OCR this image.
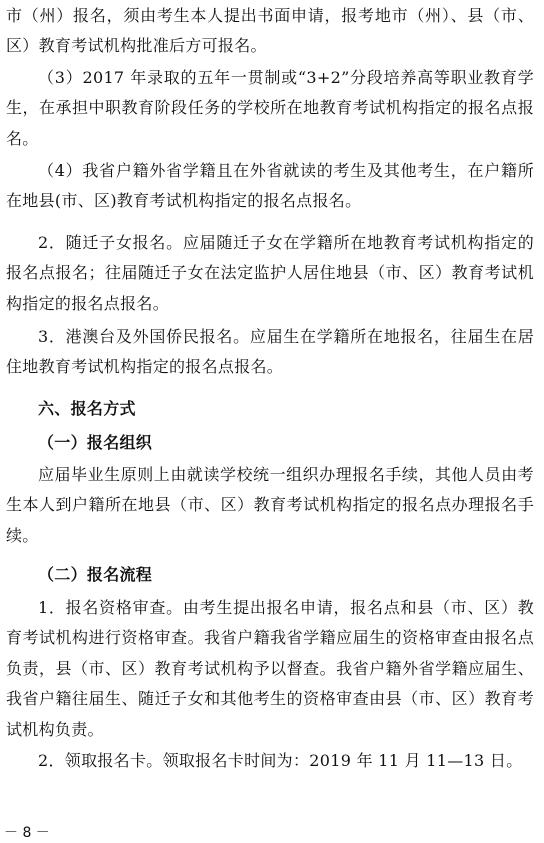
市（州）报名，须由考生本人提出书面申请，报考地市（州）、县（市、区）教育考试机构批准后方可报名。

（3）2017 年录取的五年一贯制或“3+2”分段培养高等职业教育学生，在承担中职教育阶段任务的学校所在地教育考试机构指定的报名点报名。

（4）我省户籍外省学籍且在外省就读的考生及其他考生，在户籍所在地县(市、区)教育考试机构指定的报名点报名。

2．随迁子女报名。应届随迁子女在学籍所在地教育考试机构指定的报名点报名；往届随迁子女在法定监护人居住地县（市、区）教育考试机构指定的报名点报名。

3．港澳台及外国侨民报名。应届生在学籍所在地报名，往届生在居住地教育考试机构指定的报名点报名。

六、报名方式

（一）报名组织

应届毕业生原则上由就读学校统一组织办理报名手续，其他人员由考生本人到户籍所在地县（市、区）教育考试机构指定的报名点办理报名手续。

（二）报名流程

1．报名资格审查。由考生提出报名申请，报名点和县（市、区）教育考试机构进行资格审查。我省户籍我省学籍应届生的资格审查由报名点负责，县（市、区）教育考试机构予以督查。我省户籍外省学籍应届生、我省户籍往届生、随迁子女和其他考生的资格审查由县（市、区）教育考试机构负责。

2．领取报名卡。领取报名卡时间为：2019 年 11 月 11—13 日。

－ 8 －
